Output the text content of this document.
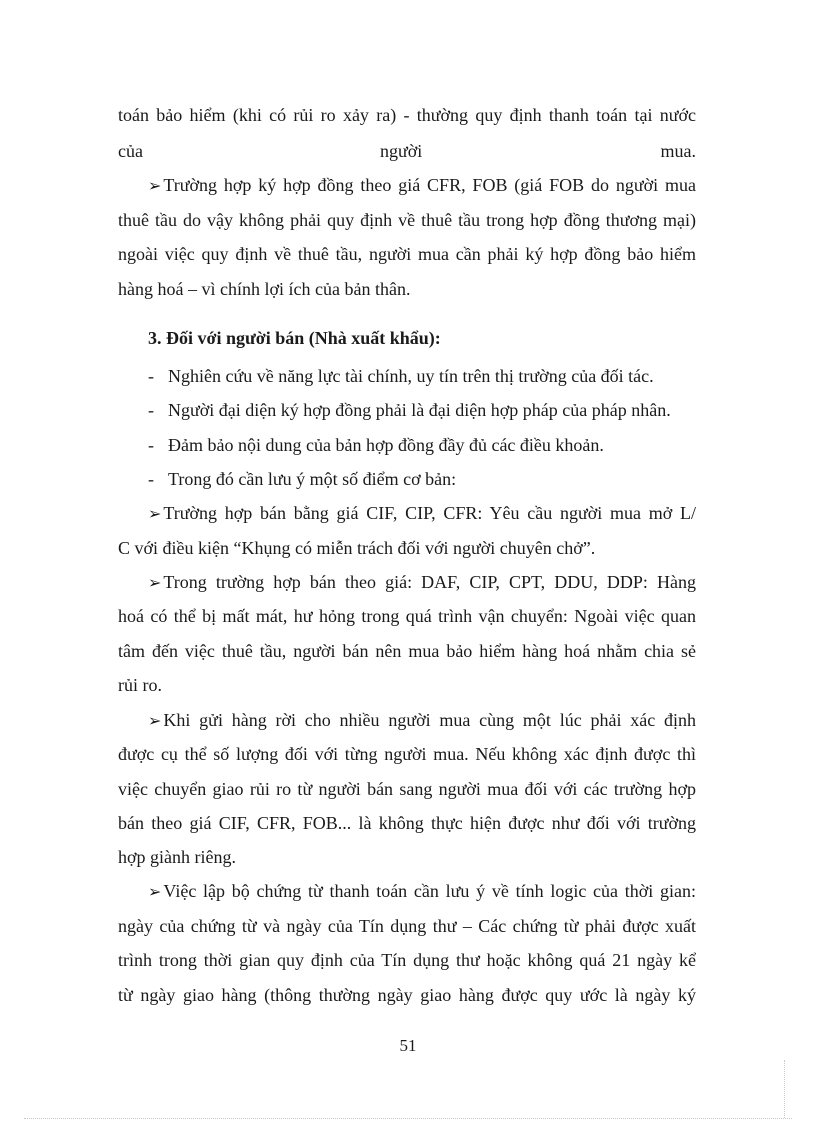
toán bảo hiểm (khi có rủi ro xảy ra) - thường quy định thanh toán tại nước
của	người	mua.
➢ Trường hợp ký hợp đồng theo giá CFR, FOB (giá FOB do người mua
thuê tầu do vậy không phải quy định về thuê tầu trong hợp đồng thương mại)
ngoài việc quy định về thuê tầu, người mua cần phải ký hợp đồng bảo hiểm
hàng hoá – vì chính lợi ích của bản thân.
3. Đối với người bán (Nhà xuất khẩu):
- Nghiên cứu về năng lực tài chính, uy tín trên thị trường của đối tác.
- Người đại diện ký hợp đồng phải là đại diện hợp pháp của pháp nhân.
- Đảm bảo nội dung của bản hợp đồng đầy đủ các điều khoản.
- Trong đó cần lưu ý một số điểm cơ bản:
➢ Trường hợp bán bằng giá CIF, CIP, CFR: Yêu cầu người mua mở L/
C với điều kiện “Khụng có miễn trách đối với người chuyên chở”.
➢ Trong trường hợp bán theo giá: DAF, CIP, CPT, DDU, DDP: Hàng
hoá có thể bị mất mát, hư hỏng trong quá trình vận chuyển: Ngoài việc quan
tâm đến việc thuê tầu, người bán nên mua bảo hiểm hàng hoá nhằm chia sẻ
rủi ro.
➢ Khi gửi hàng rời cho nhiều người mua cùng một lúc phải xác định
được cụ thể số lượng đối với từng người mua. Nếu không xác định được thì
việc chuyển giao rủi ro từ người bán sang người mua đối với các trường hợp
bán theo giá CIF, CFR, FOB... là không thực hiện được như đối với trường
hợp giành riêng.
➢ Việc lập bộ chứng từ thanh toán cần lưu ý về tính logic của thời gian:
ngày của chứng từ và ngày của Tín dụng thư – Các chứng từ phải được xuất
trình trong thời gian quy định của Tín dụng thư hoặc không quá 21 ngày kể
từ ngày giao hàng (thông thường ngày giao hàng được quy ước là ngày ký
51
